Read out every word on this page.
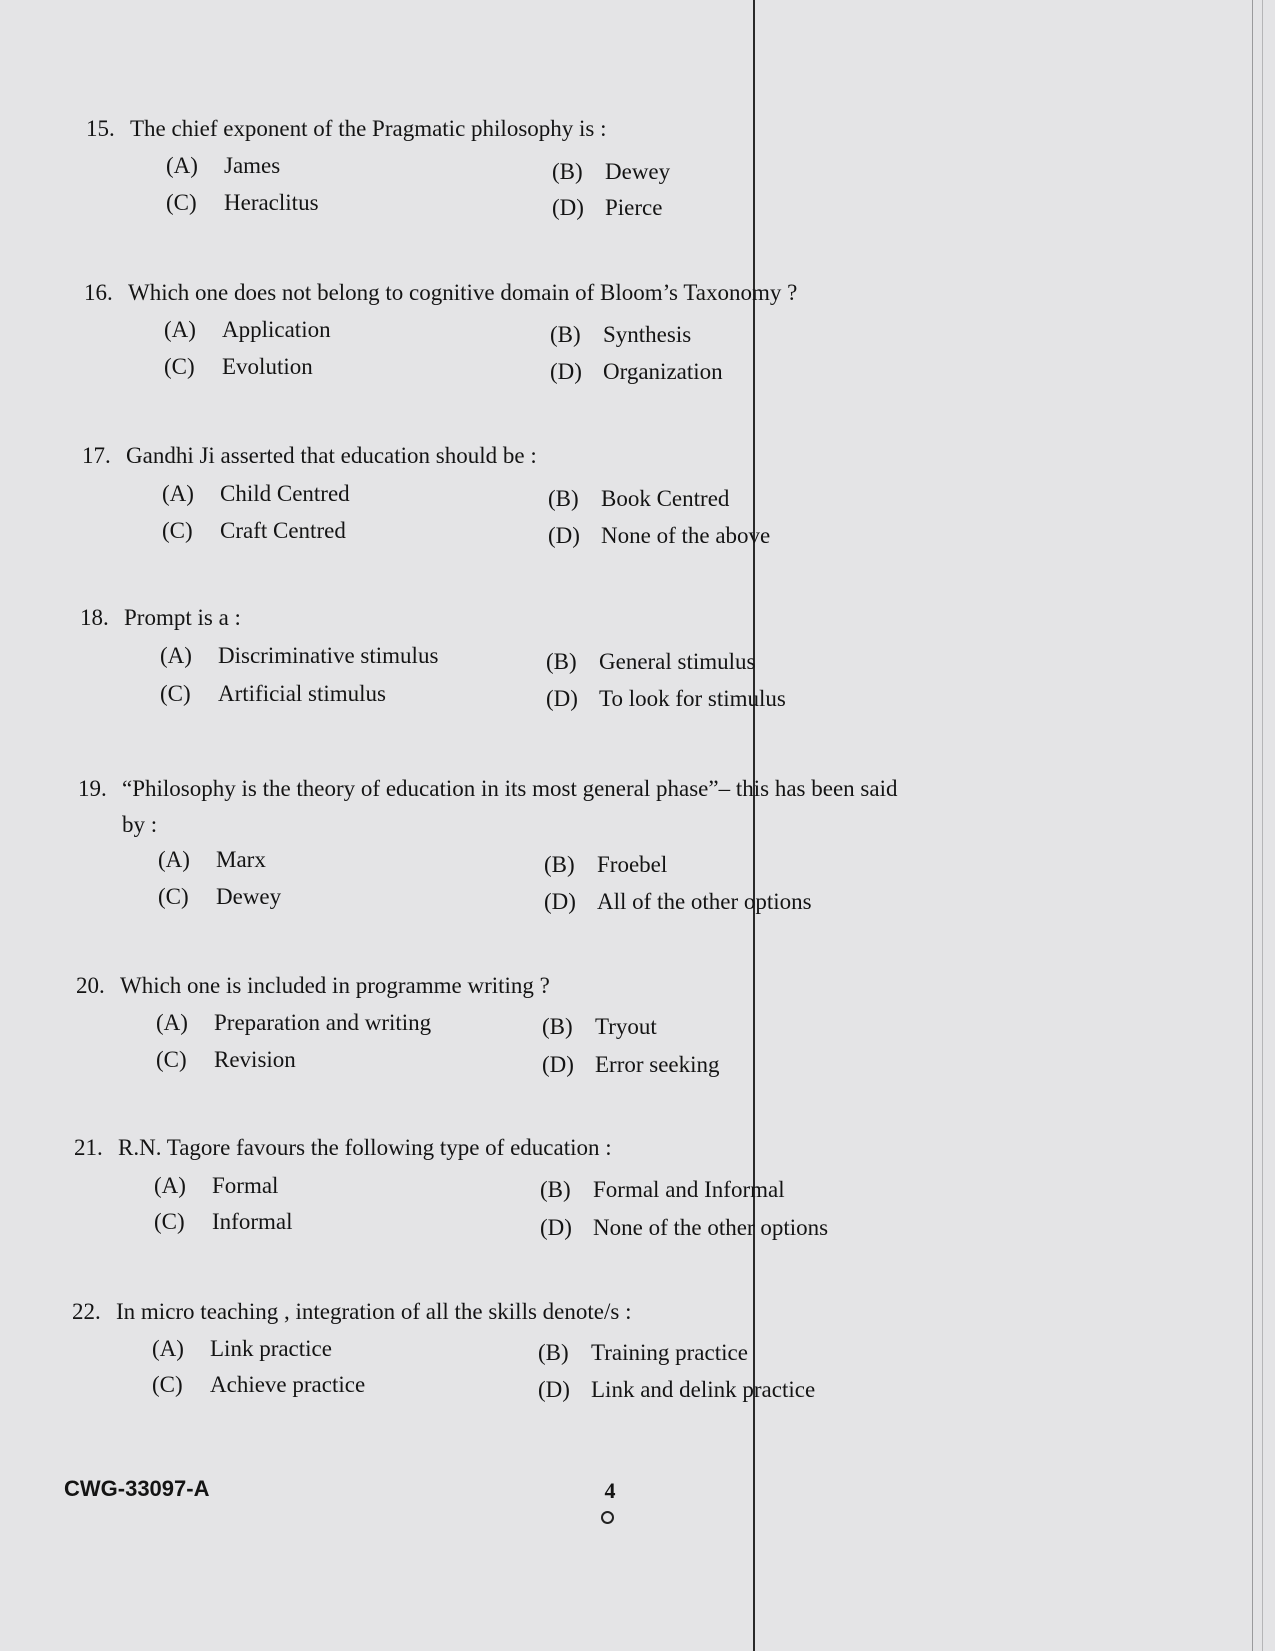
15. The chief exponent of the Pragmatic philosophy is :
(A) James	(B) Dewey
(C) Heraclitus	(D) Pierce
16. Which one does not belong to cognitive domain of Bloom’s Taxonomy ?
(A) Application	(B) Synthesis
(C) Evolution	(D) Organization
17. Gandhi Ji asserted that education should be :
(A) Child Centred	(B) Book Centred
(C) Craft Centred	(D) None of the above
18. Prompt is a :
(A) Discriminative stimulus	(B) General stimulus
(C) Artificial stimulus	(D) To look for stimulus
19. “Philosophy is the theory of education in its most general phase”– this has been said
by :
(A) Marx	(B) Froebel
(C) Dewey	(D) All of the other options
20. Which one is included in programme writing ?
(A) Preparation and writing	(B) Tryout
(C) Revision	(D) Error seeking
21. R.N. Tagore favours the following type of education :
(A) Formal	(B) Formal and Informal
(C) Informal	(D) None of the other options
22. In micro teaching , integration of all the skills denote/s :
(A) Link practice	(B) Training practice
(C) Achieve practice	(D) Link and delink practice
CWG-33097-A	4
